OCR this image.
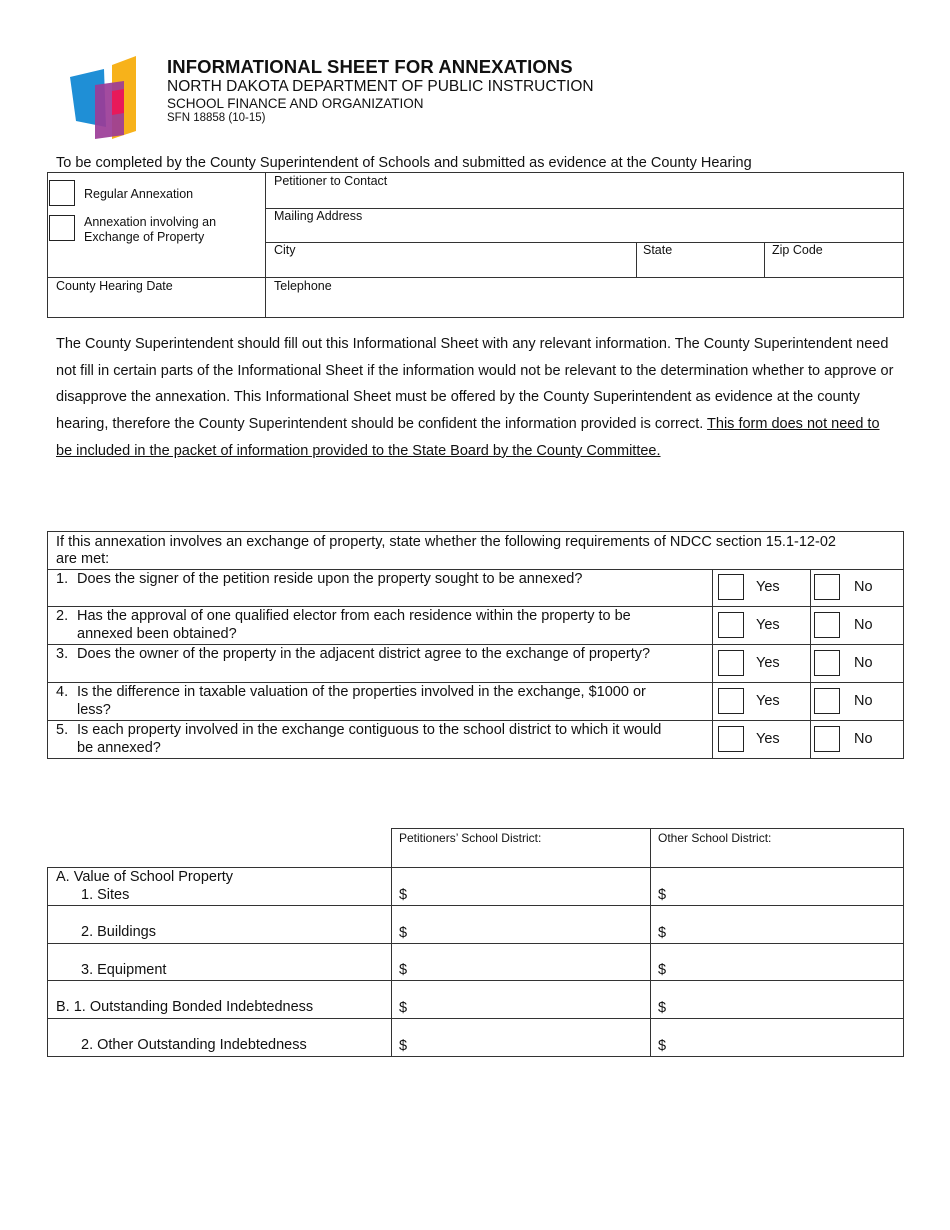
INFORMATIONAL SHEET FOR ANNEXATIONS
NORTH DAKOTA DEPARTMENT OF PUBLIC INSTRUCTION
SCHOOL FINANCE AND ORGANIZATION
SFN 18858 (10-15)
To be completed by the County Superintendent of Schools and submitted as evidence at the County Hearing
Regular Annexation
Annexation involving an
Exchange of Property
Petitioner to Contact
Mailing Address
City	State	Zip Code
County Hearing Date	Telephone
The County Superintendent should fill out this Informational Sheet with any relevant information. The County Superintendent need not fill in certain parts of the Informational Sheet if the information would not be relevant to the determination whether to approve or disapprove the annexation. This Informational Sheet must be offered by the County Superintendent as evidence at the county hearing, therefore the County Superintendent should be confident the information provided is correct. This form does not need to be included in the packet of information provided to the State Board by the County Committee.
If this annexation involves an exchange of property, state whether the following requirements of NDCC section 15.1-12-02
are met:
1. Does the signer of the petition reside upon the property sought to be annexed?	Yes	No
2. Has the approval of one qualified elector from each residence within the property to be
annexed been obtained?
Yes	No
3. Does the owner of the property in the adjacent district agree to the exchange of property?
Yes	No
4. Is the difference in taxable valuation of the properties involved in the exchange, $1000 or
less?
Yes	No
5. Is each property involved in the exchange contiguous to the school district to which it would
be annexed?
Yes	No
Petitioners’ School District:	Other School District:
A. Value of School Property
1. Sites	$	$
2. Buildings	$	$
3. Equipment	$	$
B. 1. Outstanding Bonded Indebtedness	$	$
2. Other Outstanding Indebtedness	$	$
